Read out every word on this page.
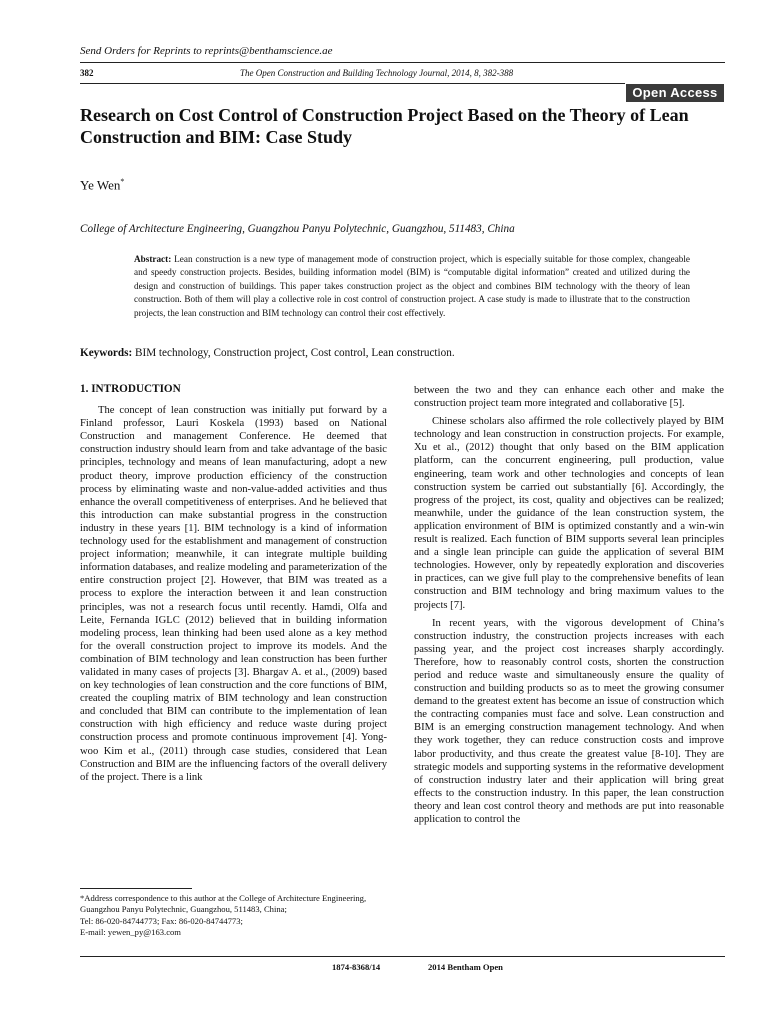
Send Orders for Reprints to reprints@benthamscience.ae
382	The Open Construction and Building Technology Journal, 2014, 8, 382-388
Open Access
Research on Cost Control of Construction Project Based on the Theory of Lean Construction and BIM: Case Study
Ye Wen*
College of Architecture Engineering, Guangzhou Panyu Polytechnic, Guangzhou, 511483, China
Abstract: Lean construction is a new type of management mode of construction project, which is especially suitable for those complex, changeable and speedy construction projects. Besides, building information model (BIM) is “computable digital information” created and utilized during the design and construction of buildings. This paper takes construction project as the object and combines BIM technology with the theory of lean construction. Both of them will play a collective role in cost control of construction project. A case study is made to illustrate that to the construction projects, the lean construction and BIM technology can control their cost effectively.
Keywords: BIM technology, Construction project, Cost control, Lean construction.
1. INTRODUCTION

The concept of lean construction was initially put forward by a Finland professor, Lauri Koskela (1993) based on National Construction and management Conference. He deemed that construction industry should learn from and take advantage of the basic principles, technology and means of lean manufacturing, adopt a new product theory, improve production efficiency of the construction process by eliminating waste and non-value-added activities and thus enhance the overall competitiveness of enterprises. And he believed that this introduction can make substantial progress in the construction industry in these years [1]. BIM technology is a kind of information technology used for the establishment and management of construction project information; meanwhile, it can integrate multiple building information databases, and realize modeling and parameterization of the entire construction project [2]. However, that BIM was treated as a process to explore the interaction between it and lean construction principles, was not a research focus until recently. Hamdi, Olfa and Leite, Fernanda IGLC (2012) believed that in building information modeling process, lean thinking had been used alone as a key method for the overall construction project to improve its models. And the combination of BIM technology and lean construction has been further validated in many cases of projects [3]. Bhargav A. et al., (2009) based on key technologies of lean construction and the core functions of BIM, created the coupling matrix of BIM technology and lean construction and concluded that BIM can contribute to the implementation of lean construction with high efficiency and reduce waste during project construction process and promote continuous improvement [4]. Yong-woo Kim et al., (2011) through case studies, considered that Lean Construction and BIM are the influencing factors of the overall delivery of the project. There is a link

between the two and they can enhance each other and make the construction project team more integrated and collaborative [5].

Chinese scholars also affirmed the role collectively played by BIM technology and lean construction in construction projects. For example, Xu et al., (2012) thought that only based on the BIM application platform, can the concurrent engineering, pull production, value engineering, team work and other technologies and concepts of lean construction system be carried out substantially [6]. Accordingly, the progress of the project, its cost, quality and objectives can be realized; meanwhile, under the guidance of the lean construction system, the application environment of BIM is optimized constantly and a win-win result is realized. Each function of BIM supports several lean principles and a single lean principle can guide the application of several BIM technologies. However, only by repeatedly exploration and discoveries in practices, can we give full play to the comprehensive benefits of lean construction and BIM technology and bring maximum values to the projects [7].

In recent years, with the vigorous development of China’s construction industry, the construction projects increases with each passing year, and the project cost increases sharply accordingly. Therefore, how to reasonably control costs, shorten the construction period and reduce waste and simultaneously ensure the quality of construction and building products so as to meet the growing consumer demand to the greatest extent has become an issue of construction which the contracting companies must face and solve. Lean construction and BIM is an emerging construction management technology. And when they work together, they can reduce construction costs and improve labor productivity, and thus create the greatest value [8-10]. They are strategic models and supporting systems in the reformative development of construction industry later and their application will bring great effects to the construction industry. In this paper, the lean construction theory and lean cost control theory and methods are put into reasonable application to control the

*Address correspondence to this author at the College of Architecture Engineering, Guangzhou Panyu Polytechnic, Guangzhou, 511483, China;
Tel: 86-020-84744773; Fax: 86-020-84744773;
E-mail: yewen_py@163.com
1874-8368/14	2014 Bentham Open
